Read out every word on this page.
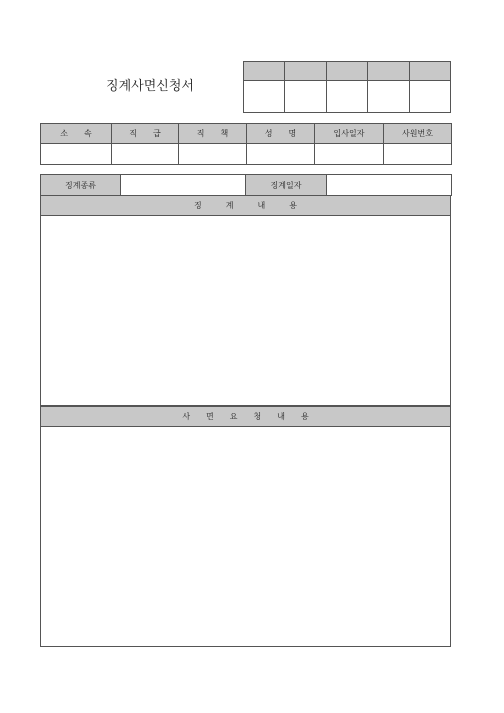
징계사면신청서

소　　속	직　　급	직　　책	성　　명	입사일자	사원번호

징계종류		징계일자	
징　　　계　　　내　　　용
사　　면　　요　　청　　내　　용
